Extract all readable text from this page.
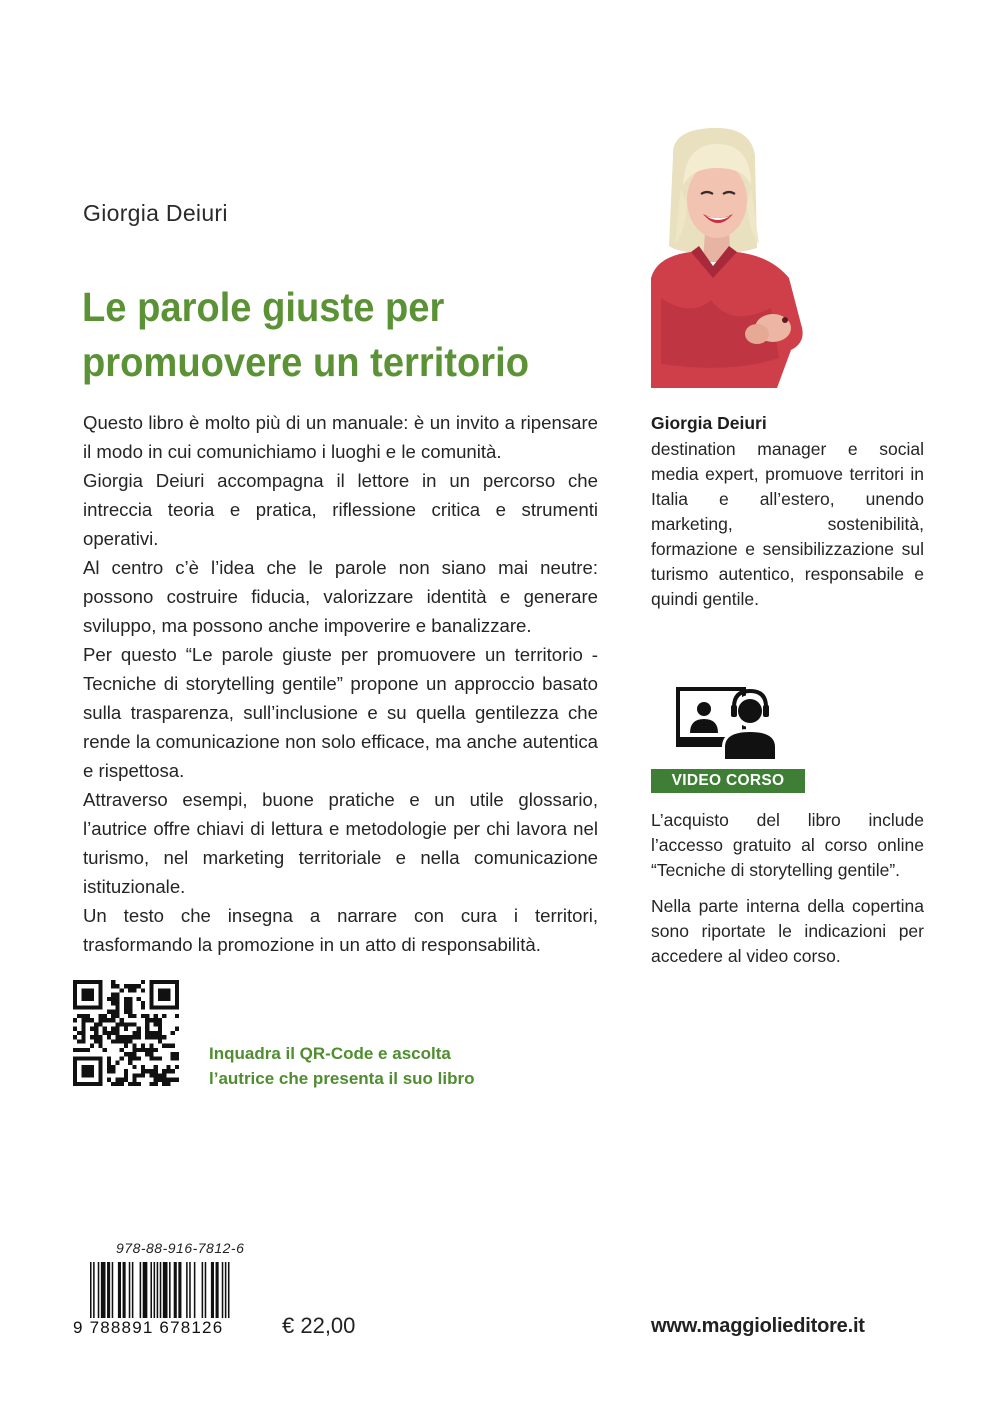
Giorgia Deiuri
Le parole giuste per
promuovere un territorio

Questo libro è molto più di un manuale: è un invito a ripensare il modo in cui comunichiamo i luoghi e le comunità.

Giorgia Deiuri accompagna il lettore in un percorso che intreccia teoria e pratica, riflessione critica e strumenti operativi.

Al centro c’è l’idea che le parole non siano mai neutre: possono costruire fiducia, valorizzare identità e generare sviluppo, ma possono anche impoverire e banalizzare.

Per questo “Le parole giuste per promuovere un territorio - Tecniche di storytelling gentile” propone un approccio basato sulla trasparenza, sull’inclusione e su quella gentilezza che rende la comunicazione non solo efficace, ma anche autentica e rispettosa.

Attraverso esempi, buone pratiche e un utile glossario, l’autrice offre chiavi di lettura e metodologie per chi lavora nel turismo, nel marketing territoriale e nella comunicazione istituzionale.

Un testo che insegna a narrare con cura i territori, trasformando la promozione in un atto di responsabilità.

Giorgia Deiuri

destination manager e social media expert, promuove territori in Italia e all’estero, unendo marketing, sostenibilità, formazione e sensibilizzazione sul turismo autentico, responsabile e quindi gentile.

VIDEO CORSO

L’acquisto del libro include l’accesso gratuito al corso online “Tecniche di storytelling gentile”.

Nella parte interna della copertina sono riportate le indicazioni per accedere al video corso.

Inquadra il QR-Code e ascolta
l’autrice che presenta il suo libro
978-88-916-7812-6
9 788891 678126	€ 22,00	www.maggiolieditore.it
